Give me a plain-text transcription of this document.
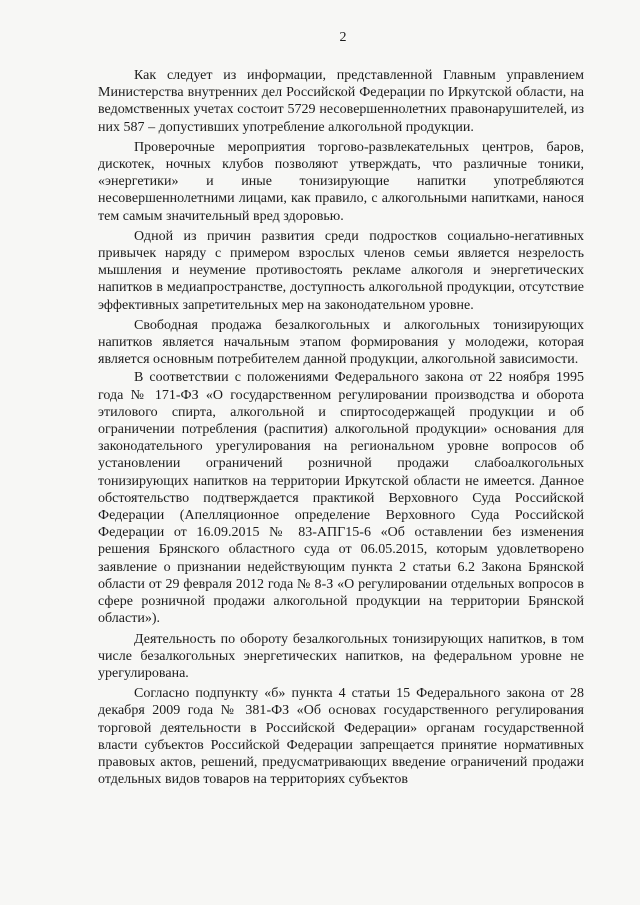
2

Как следует из информации, представленной Главным управлением Министерства внутренних дел Российской Федерации по Иркутской области, на ведомственных учетах состоит 5729 несовершеннолетних правонарушителей, из них 587 – допустивших употребление алкогольной продукции.

Проверочные мероприятия торгово-развлекательных центров, баров, дискотек, ночных клубов позволяют утверждать, что различные тоники, «энергетики» и иные тонизирующие напитки употребляются несовершеннолетними лицами, как правило, с алкогольными напитками, нанося тем самым значительный вред здоровью.

Одной из причин развития среди подростков социально-негативных привычек наряду с примером взрослых членов семьи является незрелость мышления и неумение противостоять рекламе алкоголя и энергетических напитков в медиапространстве, доступность алкогольной продукции, отсутствие эффективных запретительных мер на законодательном уровне.

Свободная продажа безалкогольных и алкогольных тонизирующих напитков является начальным этапом формирования у молодежи, которая является основным потребителем данной продукции, алкогольной зависимости.

В соответствии с положениями Федерального закона от 22 ноября 1995 года № 171-ФЗ «О государственном регулировании производства и оборота этилового спирта, алкогольной и спиртосодержащей продукции и об ограничении потребления (распития) алкогольной продукции» основания для законодательного урегулирования на региональном уровне вопросов об установлении ограничений розничной продажи слабоалкогольных тонизирующих напитков на территории Иркутской области не имеется. Данное обстоятельство подтверждается практикой Верховного Суда Российской Федерации (Апелляционное определение Верховного Суда Российской Федерации от 16.09.2015 № 83-АПГ15-6 «Об оставлении без изменения решения Брянского областного суда от 06.05.2015, которым удовлетворено заявление о признании недействующим пункта 2 статьи 6.2 Закона Брянской области от 29 февраля 2012 года № 8-З «О регулировании отдельных вопросов в сфере розничной продажи алкогольной продукции на территории Брянской области»).

Деятельность по обороту безалкогольных тонизирующих напитков, в том числе безалкогольных энергетических напитков, на федеральном уровне не урегулирована.

Согласно подпункту «б» пункта 4 статьи 15 Федерального закона от 28 декабря 2009 года № 381-ФЗ «Об основах государственного регулирования торговой деятельности в Российской Федерации» органам государственной власти субъектов Российской Федерации запрещается принятие нормативных правовых актов, решений, предусматривающих введение ограничений продажи отдельных видов товаров на территориях субъектов
